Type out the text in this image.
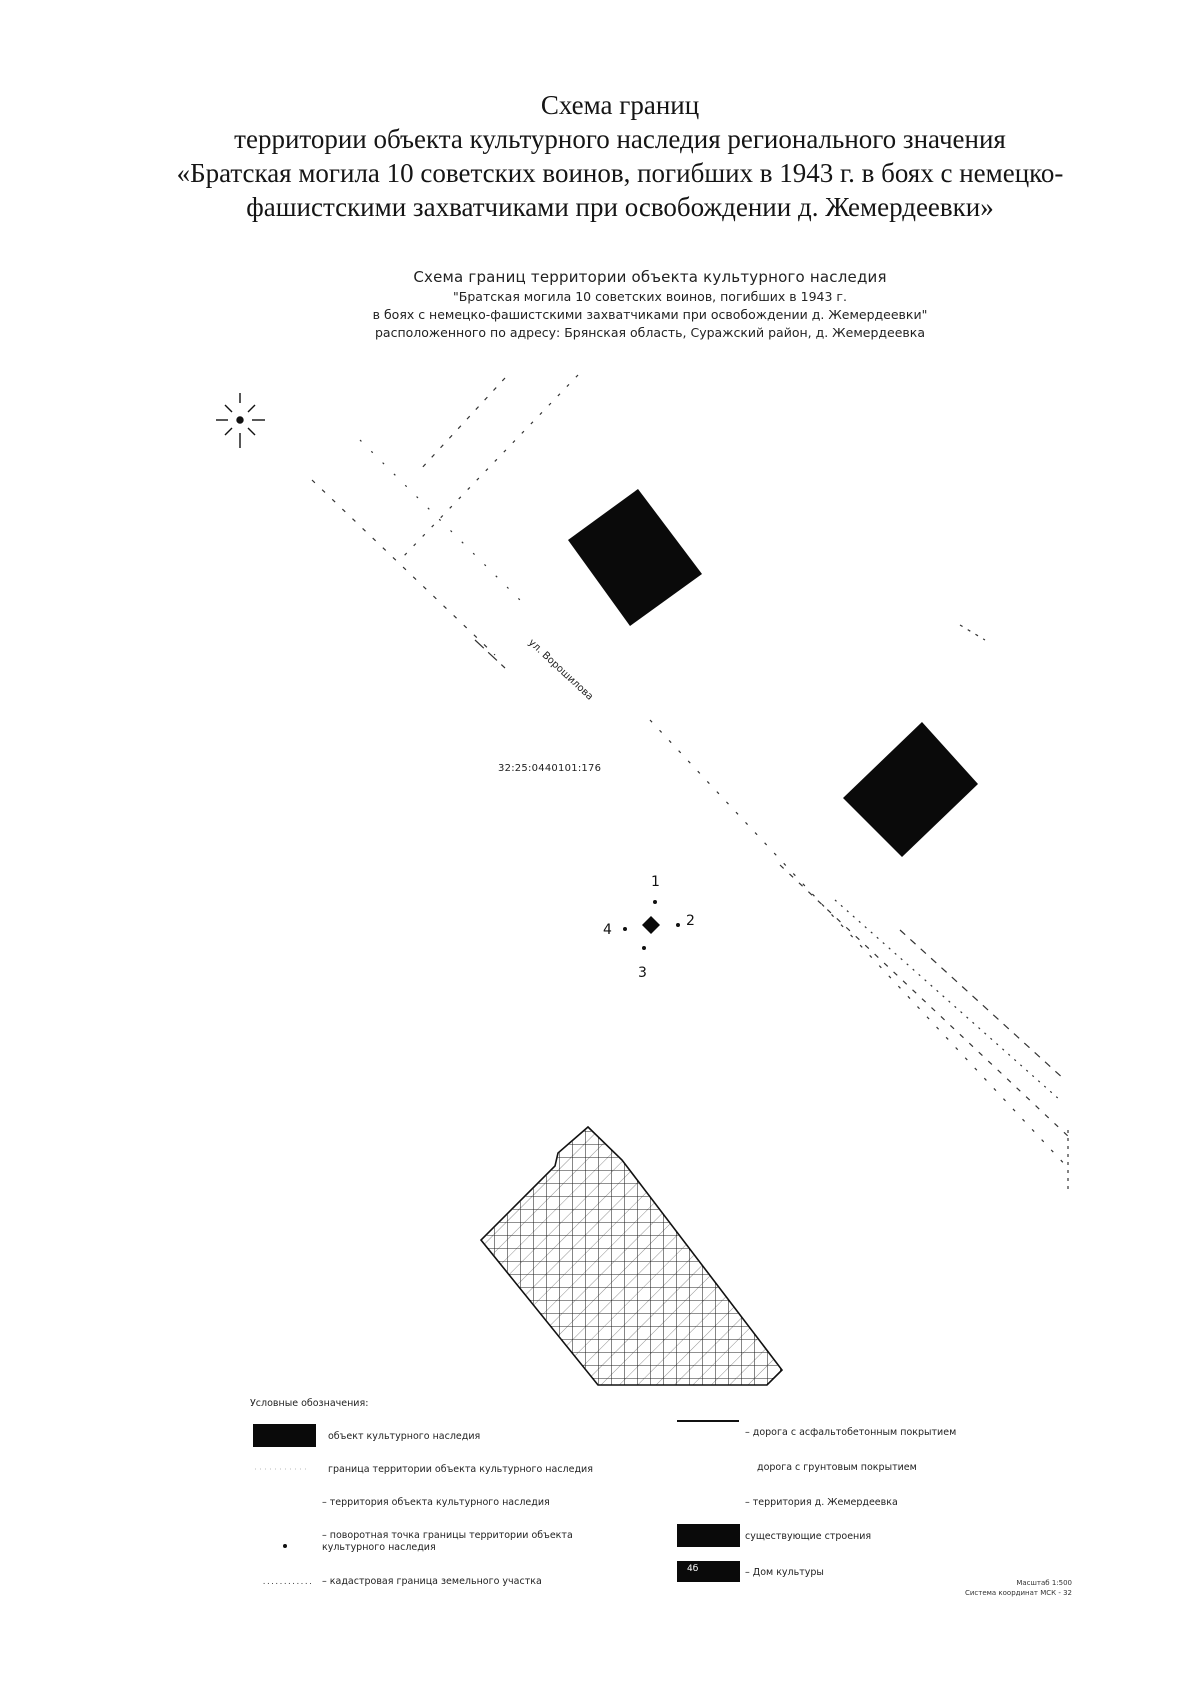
Схема границ
территории объекта культурного наследия регионального значения
«Братская могила 10 советских воинов, погибших в 1943 г. в боях с немецко-
фашистскими захватчиками при освобождении д. Жемердеевки»
Схема границ территории объекта культурного наследия
"Братская могила 10 советских воинов, погибших в 1943 г.
в боях с немецко-фашистскими захватчиками при освобождении д. Жемердеевки"
расположенного по адресу: Брянская область, Суражский район, д. Жемердеевка
1
2
3
4
ул. Ворошилова
32:25:0440101:176
Условные обозначения:
объект культурного наследия
граница территории объекта культурного наследия
– территория объекта культурного наследия
– поворотная точка границы территории объекта культурного наследия
............ – кадастровая граница земельного участка
– дорога с асфальтобетонным покрытием
дорога с грунтовым покрытием
– территория д. Жемердеевка
существующие строения
4б	– Дом культуры
Масштаб 1:500
Система координат МСК - 32
